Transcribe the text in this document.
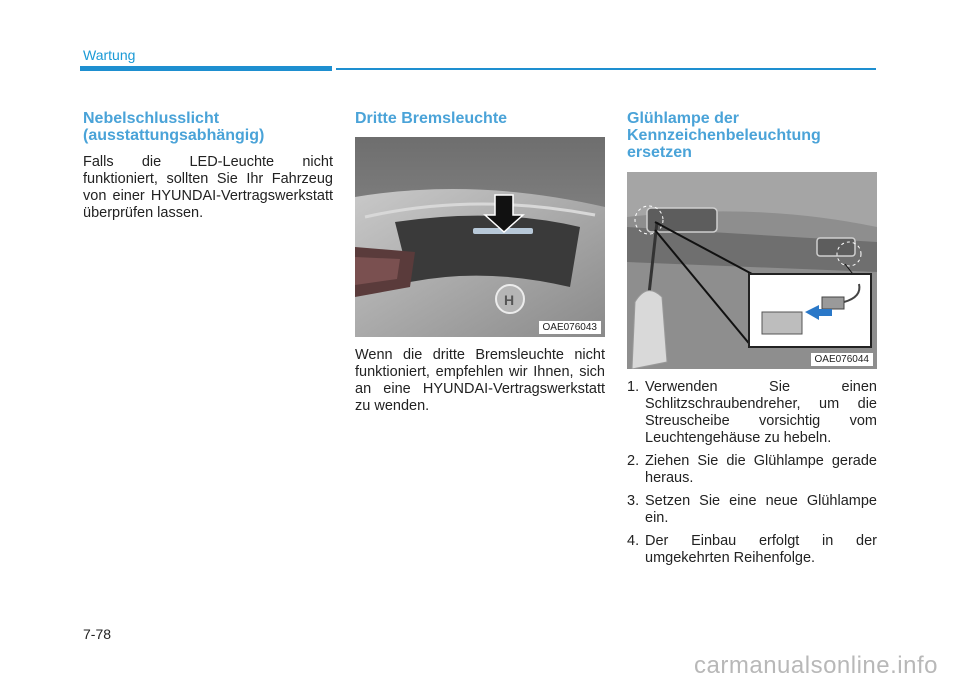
Wartung
Nebelschlusslicht (ausstattungsabhängig)

Falls die LED-Leuchte nicht funktioniert, sollten Sie Ihr Fahrzeug von einer HYUNDAI-Vertragswerkstatt überprüfen lassen.

Dritte Bremsleuchte
H
OAE076043

Wenn die dritte Bremsleuchte nicht funktioniert, empfehlen wir Ihnen, sich an eine HYUNDAI-Vertragswerkstatt zu wenden.

Glühlampe der Kennzeichenbeleuchtung ersetzen
OAE076044
1. Verwenden Sie einen Schlitzschraubendreher, um die Streuscheibe vorsichtig vom Leuchtengehäuse zu hebeln.
2. Ziehen Sie die Glühlampe gerade heraus.
3. Setzen Sie eine neue Glühlampe ein.
4. Der Einbau erfolgt in der umgekehrten Reihenfolge.
7-78
carmanualsonline.info
